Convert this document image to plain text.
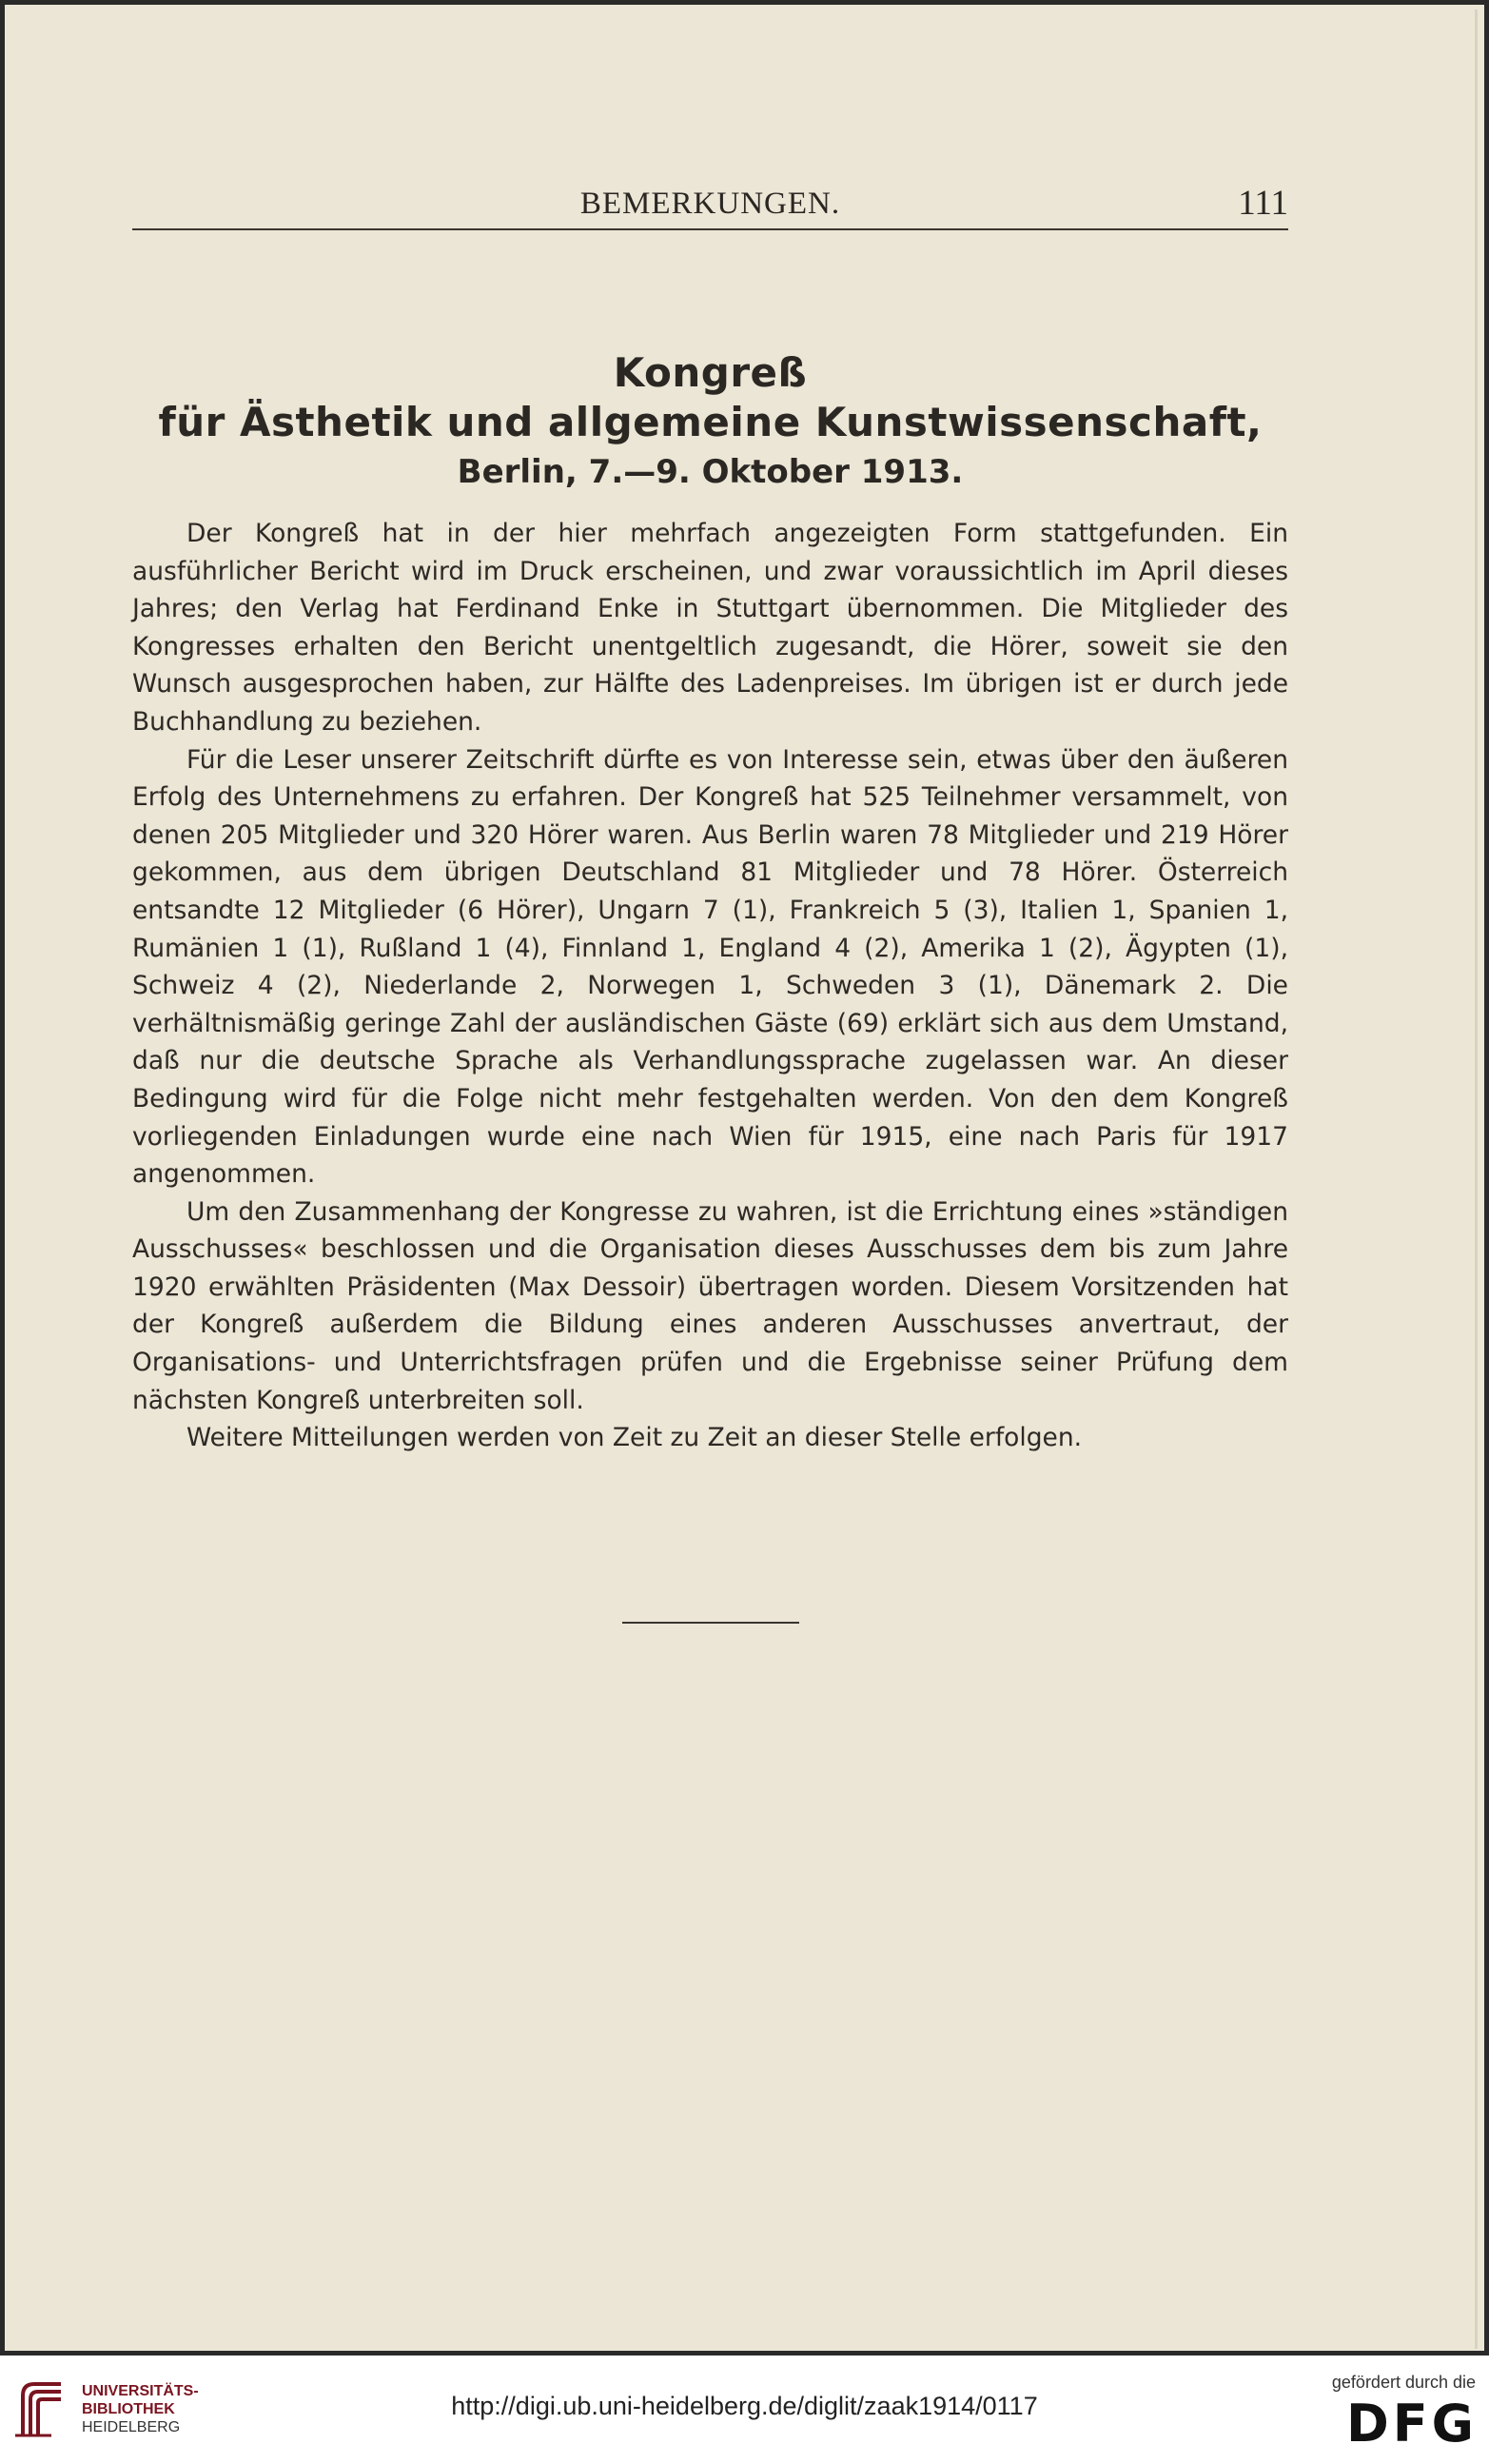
BEMERKUNGEN.	111
Kongreß
für Ästhetik und allgemeine Kunstwissenschaft,
Berlin, 7.—9. Oktober 1913.

Der Kongreß hat in der hier mehrfach angezeigten Form stattgefunden. Ein ausführlicher Bericht wird im Druck erscheinen, und zwar voraussichtlich im April dieses Jahres; den Verlag hat Ferdinand Enke in Stuttgart übernommen. Die Mitglieder des Kongresses erhalten den Bericht unentgeltlich zugesandt, die Hörer, soweit sie den Wunsch ausgesprochen haben, zur Hälfte des Ladenpreises. Im übrigen ist er durch jede Buchhandlung zu beziehen.

Für die Leser unserer Zeitschrift dürfte es von Interesse sein, etwas über den äußeren Erfolg des Unternehmens zu erfahren. Der Kongreß hat 525 Teilnehmer versammelt, von denen 205 Mitglieder und 320 Hörer waren. Aus Berlin waren 78 Mitglieder und 219 Hörer gekommen, aus dem übrigen Deutschland 81 Mitglieder und 78 Hörer. Österreich entsandte 12 Mitglieder (6 Hörer), Ungarn 7 (1), Frankreich 5 (3), Italien 1, Spanien 1, Rumänien 1 (1), Rußland 1 (4), Finnland 1, England 4 (2), Amerika 1 (2), Ägypten (1), Schweiz 4 (2), Niederlande 2, Norwegen 1, Schweden 3 (1), Dänemark 2. Die verhältnismäßig geringe Zahl der ausländischen Gäste (69) erklärt sich aus dem Umstand, daß nur die deutsche Sprache als Verhandlungssprache zugelassen war. An dieser Bedingung wird für die Folge nicht mehr festgehalten werden. Von den dem Kongreß vorliegenden Einladungen wurde eine nach Wien für 1915, eine nach Paris für 1917 angenommen.

Um den Zusammenhang der Kongresse zu wahren, ist die Errichtung eines »ständigen Ausschusses« beschlossen und die Organisation dieses Ausschusses dem bis zum Jahre 1920 erwählten Präsidenten (Max Dessoir) übertragen worden. Diesem Vorsitzenden hat der Kongreß außerdem die Bildung eines anderen Ausschusses anvertraut, der Organisations- und Unterrichtsfragen prüfen und die Ergebnisse seiner Prüfung dem nächsten Kongreß unterbreiten soll.

Weitere Mitteilungen werden von Zeit zu Zeit an dieser Stelle erfolgen.

UNIVERSITÄTS-
BIBLIOTHEK
HEIDELBERG
http://digi.ub.uni-heidelberg.de/diglit/zaak1914/0117
gefördert durch die
DFG
